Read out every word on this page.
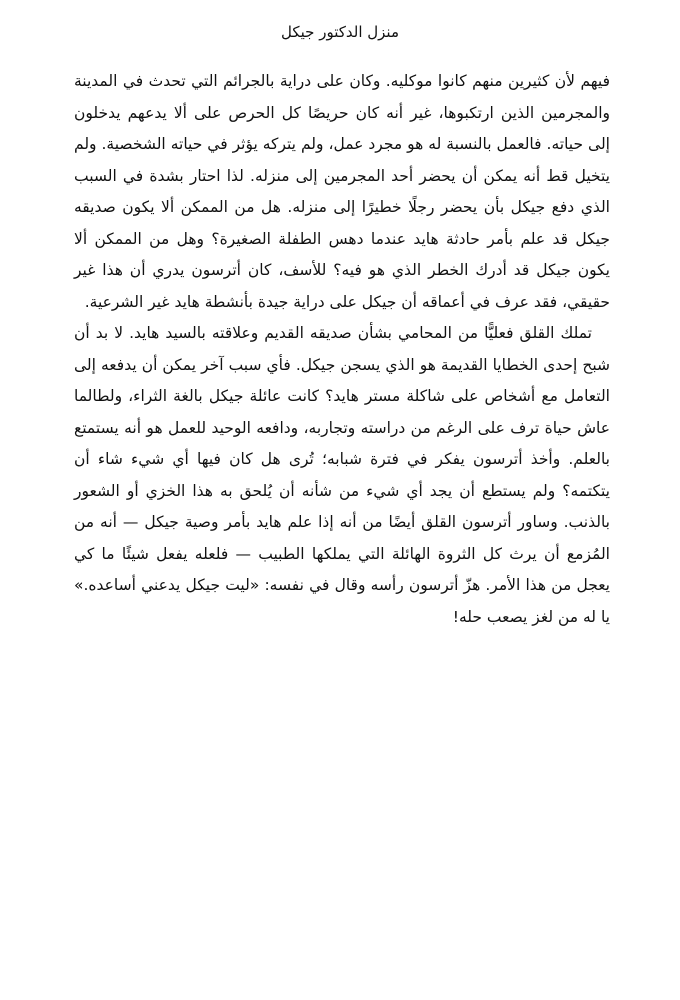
منزل الدكتور جيكل

فيهم لأن كثيرين منهم كانوا موكليه. وكان على دراية بالجرائم التي تحدث في المدينة والمجرمين الذين ارتكبوها، غير أنه كان حريصًا كل الحرص على ألا يدعهم يدخلون إلى حياته. فالعمل بالنسبة له هو مجرد عمل، ولم يتركه يؤثر في حياته الشخصية. ولم يتخيل قط أنه يمكن أن يحضر أحد المجرمين إلى منزله. لذا احتار بشدة في السبب الذي دفع جيكل بأن يحضر رجلًا خطيرًا إلى منزله. هل من الممكن ألا يكون صديقه جيكل قد علم بأمر حادثة هايد عندما دهس الطفلة الصغيرة؟ وهل من الممكن ألا يكون جيكل قد أدرك الخطر الذي هو فيه؟ للأسف، كان أترسون يدري أن هذا غير حقيقي، فقد عرف في أعماقه أن جيكل على دراية جيدة بأنشطة هايد غير الشرعية.

تملك القلق فعليًّا من المحامي بشأن صديقه القديم وعلاقته بالسيد هايد. لا بد أن شبح إحدى الخطايا القديمة هو الذي يسجن جيكل. فأي سبب آخر يمكن أن يدفعه إلى التعامل مع أشخاص على شاكلة مستر هايد؟ كانت عائلة جيكل بالغة الثراء، ولطالما عاش حياة ترف على الرغم من دراسته وتجاربه، ودافعه الوحيد للعمل هو أنه يستمتع بالعلم. وأخذ أترسون يفكر في فترة شبابه؛ تُرى هل كان فيها أي شيء شاء أن يتكتمه؟ ولم يستطع أن يجد أي شيء من شأنه أن يُلحق به هذا الخزي أو الشعور بالذنب. وساور أترسون القلق أيضًا من أنه إذا علم هايد بأمر وصية جيكل — أنه من المُزمع أن يرث كل الثروة الهائلة التي يملكها الطبيب — فلعله يفعل شيئًا ما كي يعجل من هذا الأمر. هزّ أترسون رأسه وقال في نفسه: «ليت جيكل يدعني أساعده.» يا له من لغز يصعب حله!
